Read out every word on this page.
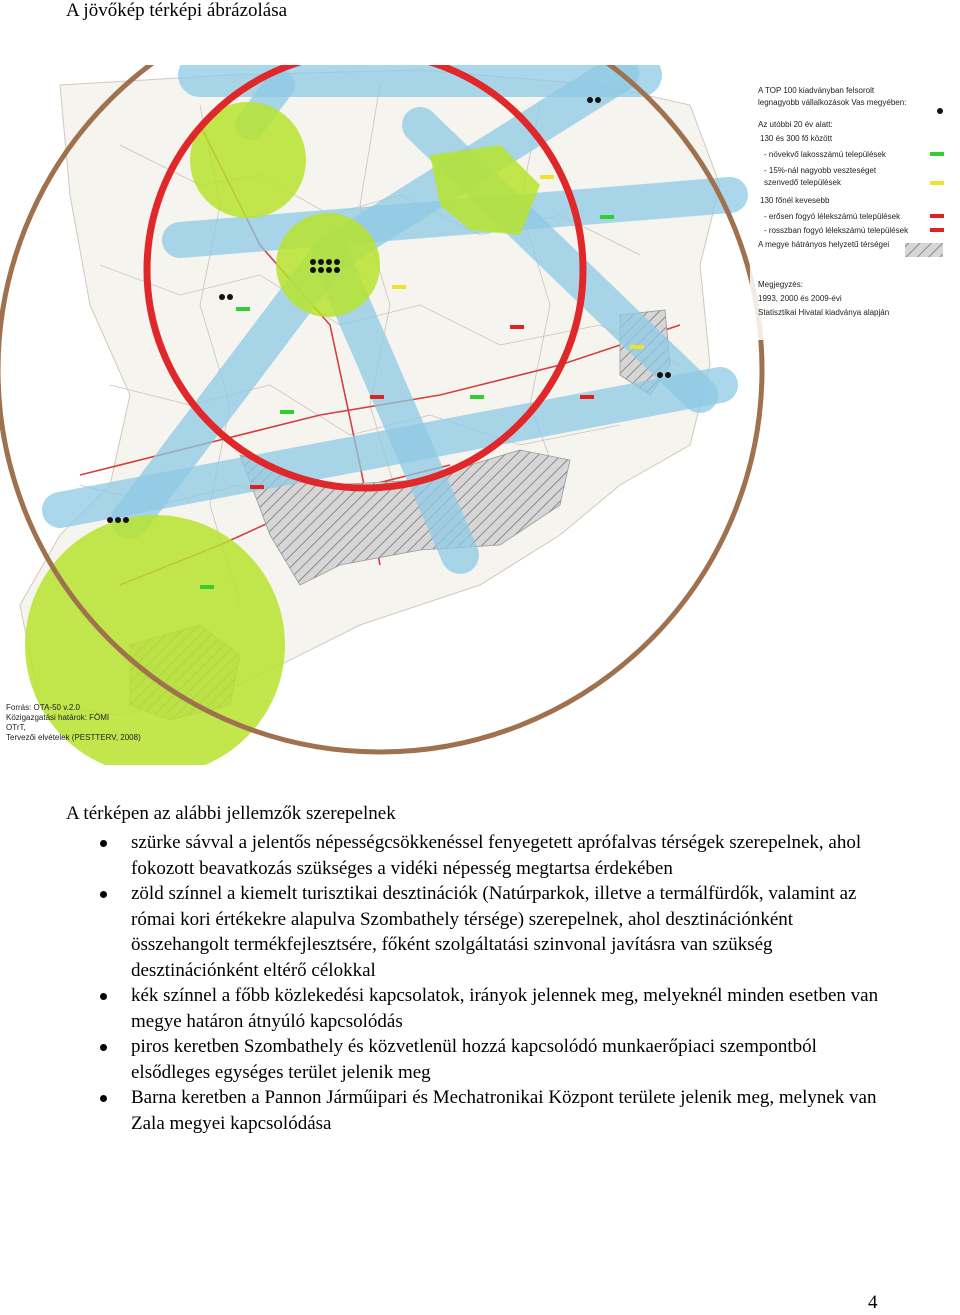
A jövőkép térképi ábrázolása
A TOP 100 kiadványban felsorolt
legnagyobb vállalkozások Vas megyében:
Az utóbbi 20 év alatt:
130 és 300 fő között
- növekvő lakosszámú települések
- 15%-nál nagyobb veszteséget
szenvedő települések
130 főnél kevesebb
- erősen fogyó lélekszámú települések
- rosszban fogyó lélekszámú települések
A megye hátrányos helyzetű térségei
Megjegyzés:
1993, 2000 és 2009-évi
Statisztikai Hivatal kiadványa alapján
Forrás: OTA-50 v.2.0
Közigazgatási határok: FÖMI
OTrT,
Tervezői elvételek (PESTTERV, 2008)
A térképen az alábbi jellemzők szerepelnek
szürke sávval a jelentős népességcsökkenéssel fenyegetett aprófalvas térségek szerepelnek, ahol fokozott beavatkozás szükséges a vidéki népesség megtartsa érdekében
zöld színnel a kiemelt turisztikai desztinációk (Natúrparkok, illetve a termálfürdők, valamint az római kori értékekre alapulva Szombathely térsége) szerepelnek, ahol desztinációnként összehangolt termékfejlesztsére, főként szolgáltatási szinvonal javításra van szükség desztinációnként eltérő célokkal
kék színnel a főbb közlekedési kapcsolatok, irányok jelennek meg, melyeknél minden esetben van megye határon átnyúló kapcsolódás
piros keretben Szombathely és közvetlenül hozzá kapcsolódó munkaerőpiaci szempontból elsődleges egységes terület jelenik meg
Barna keretben a Pannon Járműipari és Mechatronikai Központ területe jelenik meg, melynek van Zala megyei kapcsolódása
4
